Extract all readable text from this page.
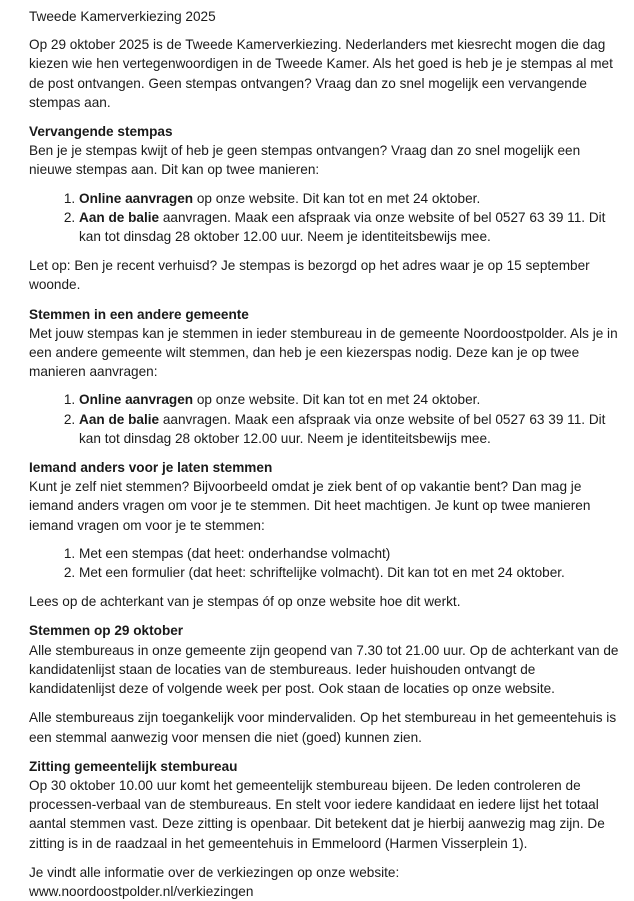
Tweede Kamerverkiezing 2025

Op 29 oktober 2025 is de Tweede Kamerverkiezing. Nederlanders met kiesrecht mogen die dag kiezen wie hen vertegenwoordigen in de Tweede Kamer. Als het goed is heb je je stempas al met de post ontvangen. Geen stempas ontvangen? Vraag dan zo snel mogelijk een vervangende stempas aan.

Vervangende stempas

Ben je je stempas kwijt of heb je geen stempas ontvangen? Vraag dan zo snel mogelijk een nieuwe stempas aan. Dit kan op twee manieren:

1. Online aanvragen op onze website. Dit kan tot en met 24 oktober.
2. Aan de balie aanvragen. Maak een afspraak via onze website of bel 0527 63 39 11. Dit kan tot dinsdag 28 oktober 12.00 uur. Neem je identiteitsbewijs mee.

Let op: Ben je recent verhuisd? Je stempas is bezorgd op het adres waar je op 15 september woonde.

Stemmen in een andere gemeente

Met jouw stempas kan je stemmen in ieder stembureau in de gemeente Noordoostpolder. Als je in een andere gemeente wilt stemmen, dan heb je een kiezerspas nodig. Deze kan je op twee manieren aanvragen:

1. Online aanvragen op onze website. Dit kan tot en met 24 oktober.
2. Aan de balie aanvragen. Maak een afspraak via onze website of bel 0527 63 39 11. Dit kan tot dinsdag 28 oktober 12.00 uur. Neem je identiteitsbewijs mee.
Iemand anders voor je laten stemmen

Kunt je zelf niet stemmen? Bijvoorbeeld omdat je ziek bent of op vakantie bent? Dan mag je iemand anders vragen om voor je te stemmen. Dit heet machtigen. Je kunt op twee manieren iemand vragen om voor je te stemmen:

1. Met een stempas (dat heet: onderhandse volmacht)
2. Met een formulier (dat heet: schriftelijke volmacht). Dit kan tot en met 24 oktober.

Lees op de achterkant van je stempas óf op onze website hoe dit werkt.

Stemmen op 29 oktober

Alle stembureaus in onze gemeente zijn geopend van 7.30 tot 21.00 uur. Op de achterkant van de kandidatenlijst staan de locaties van de stembureaus. Ieder huishouden ontvangt de kandidatenlijst deze of volgende week per post. Ook staan de locaties op onze website.

Alle stembureaus zijn toegankelijk voor mindervaliden. Op het stembureau in het gemeentehuis is een stemmal aanwezig voor mensen die niet (goed) kunnen zien.

Zitting gemeentelijk stembureau

Op 30 oktober 10.00 uur komt het gemeentelijk stembureau bijeen. De leden controleren de processen-verbaal van de stembureaus. En stelt voor iedere kandidaat en iedere lijst het totaal aantal stemmen vast. Deze zitting is openbaar. Dit betekent dat je hierbij aanwezig mag zijn. De zitting is in de raadzaal in het gemeentehuis in Emmeloord (Harmen Visserplein 1).

Je vindt alle informatie over de verkiezingen op onze website:
www.noordoostpolder.nl/verkiezingen
